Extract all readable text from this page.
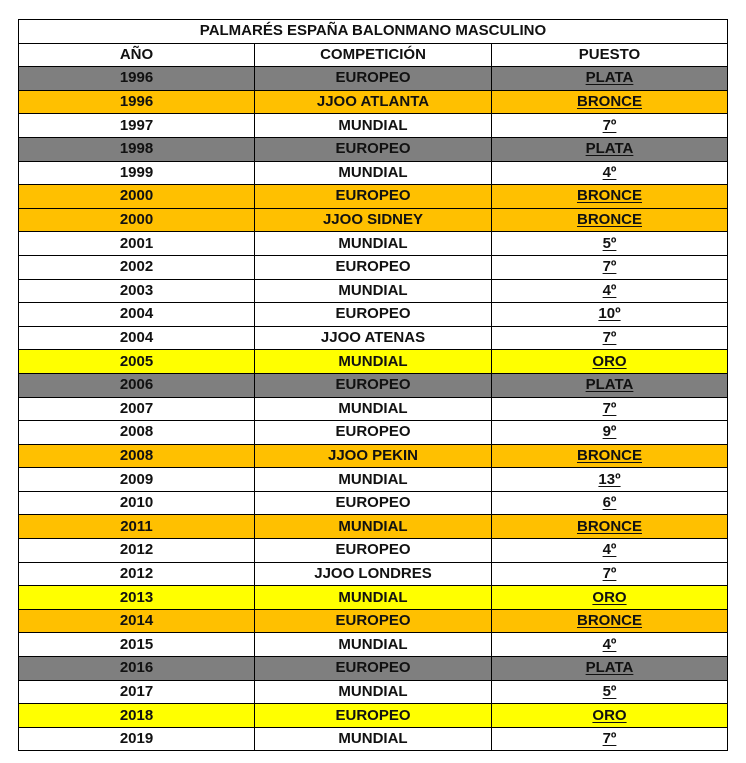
PALMARÉS ESPAÑA BALONMANO MASCULINO		
AÑO	COMPETICIÓN	PUESTO
1996	EUROPEO	PLATA
1996	JJOO ATLANTA	BRONCE
1997	MUNDIAL	7º
1998	EUROPEO	PLATA
1999	MUNDIAL	4º
2000	EUROPEO	BRONCE
2000	JJOO SIDNEY	BRONCE
2001	MUNDIAL	5º
2002	EUROPEO	7º
2003	MUNDIAL	4º
2004	EUROPEO	10º
2004	JJOO ATENAS	7º
2005	MUNDIAL	ORO
2006	EUROPEO	PLATA
2007	MUNDIAL	7º
2008	EUROPEO	9º
2008	JJOO PEKIN	BRONCE
2009	MUNDIAL	13º
2010	EUROPEO	6º
2011	MUNDIAL	BRONCE
2012	EUROPEO	4º
2012	JJOO LONDRES	7º
2013	MUNDIAL	ORO
2014	EUROPEO	BRONCE
2015	MUNDIAL	4º
2016	EUROPEO	PLATA
2017	MUNDIAL	5º
2018	EUROPEO	ORO
2019	MUNDIAL	7º
